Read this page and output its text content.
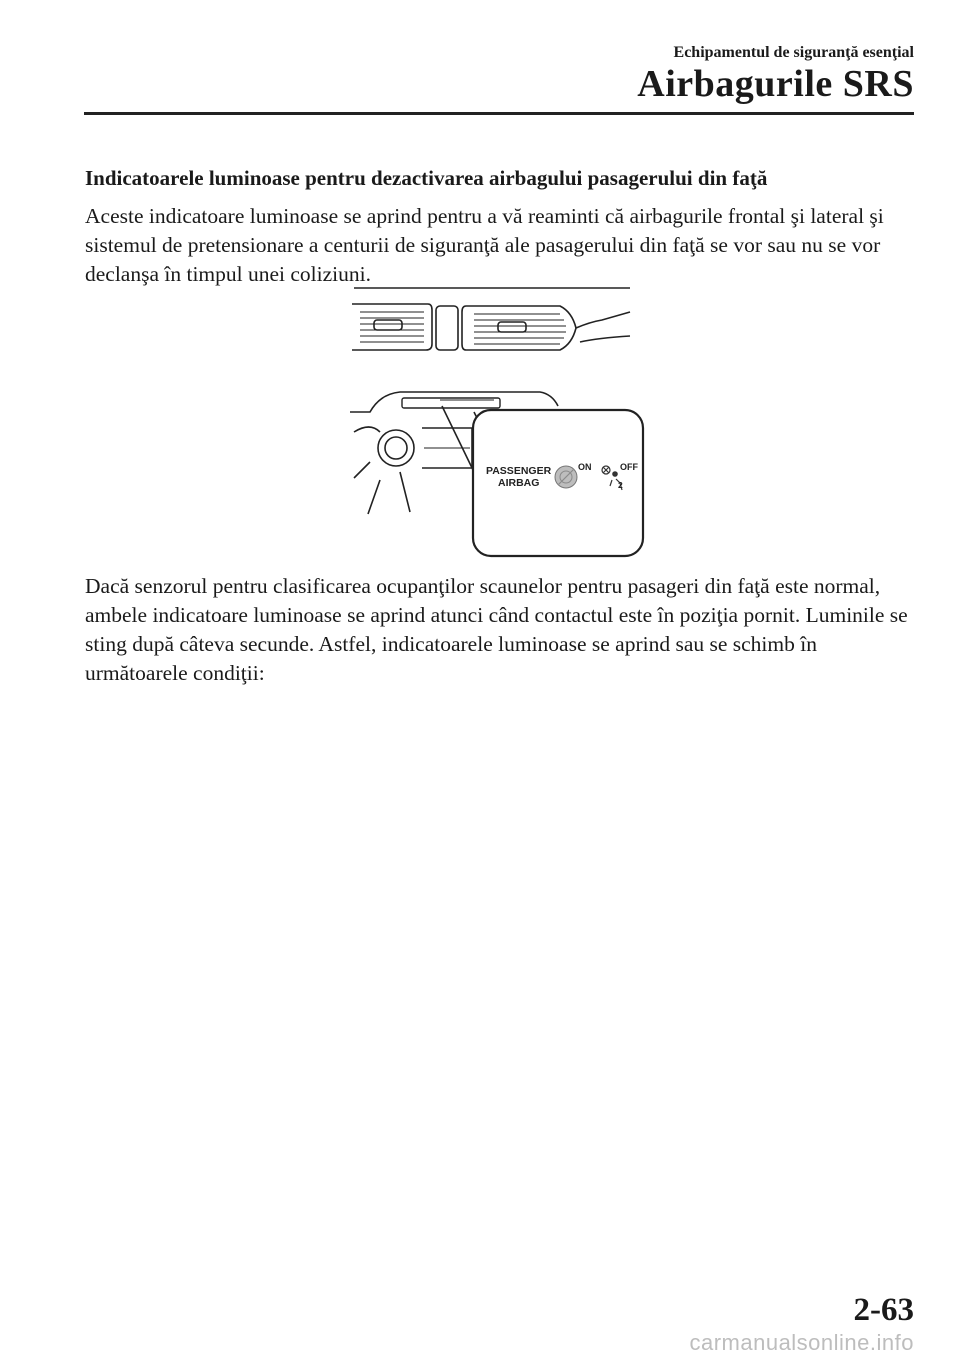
Echipamentul de siguranţă esenţial
Airbagurile SRS
Indicatoarele luminoase pentru dezactivarea airbagului pasagerului din faţă

Aceste indicatoare luminoase se aprind pentru a vă reaminti că airbagurile frontal şi lateral şi sistemul de pretensionare a centurii de siguranţă ale pasagerului din faţă se vor sau nu se vor declanşa în timpul unei coliziuni.

PASSENGER
AIRBAG
ON	OFF
2

Dacă senzorul pentru clasificarea ocupanţilor scaunelor pentru pasageri din faţă este normal, ambele indicatoare luminoase se aprind atunci când contactul este în poziţia pornit. Luminile se sting după câteva secunde. Astfel, indicatoarele luminoase se aprind sau se schimb în următoarele condiţii:

2-63
carmanualsonline.info
